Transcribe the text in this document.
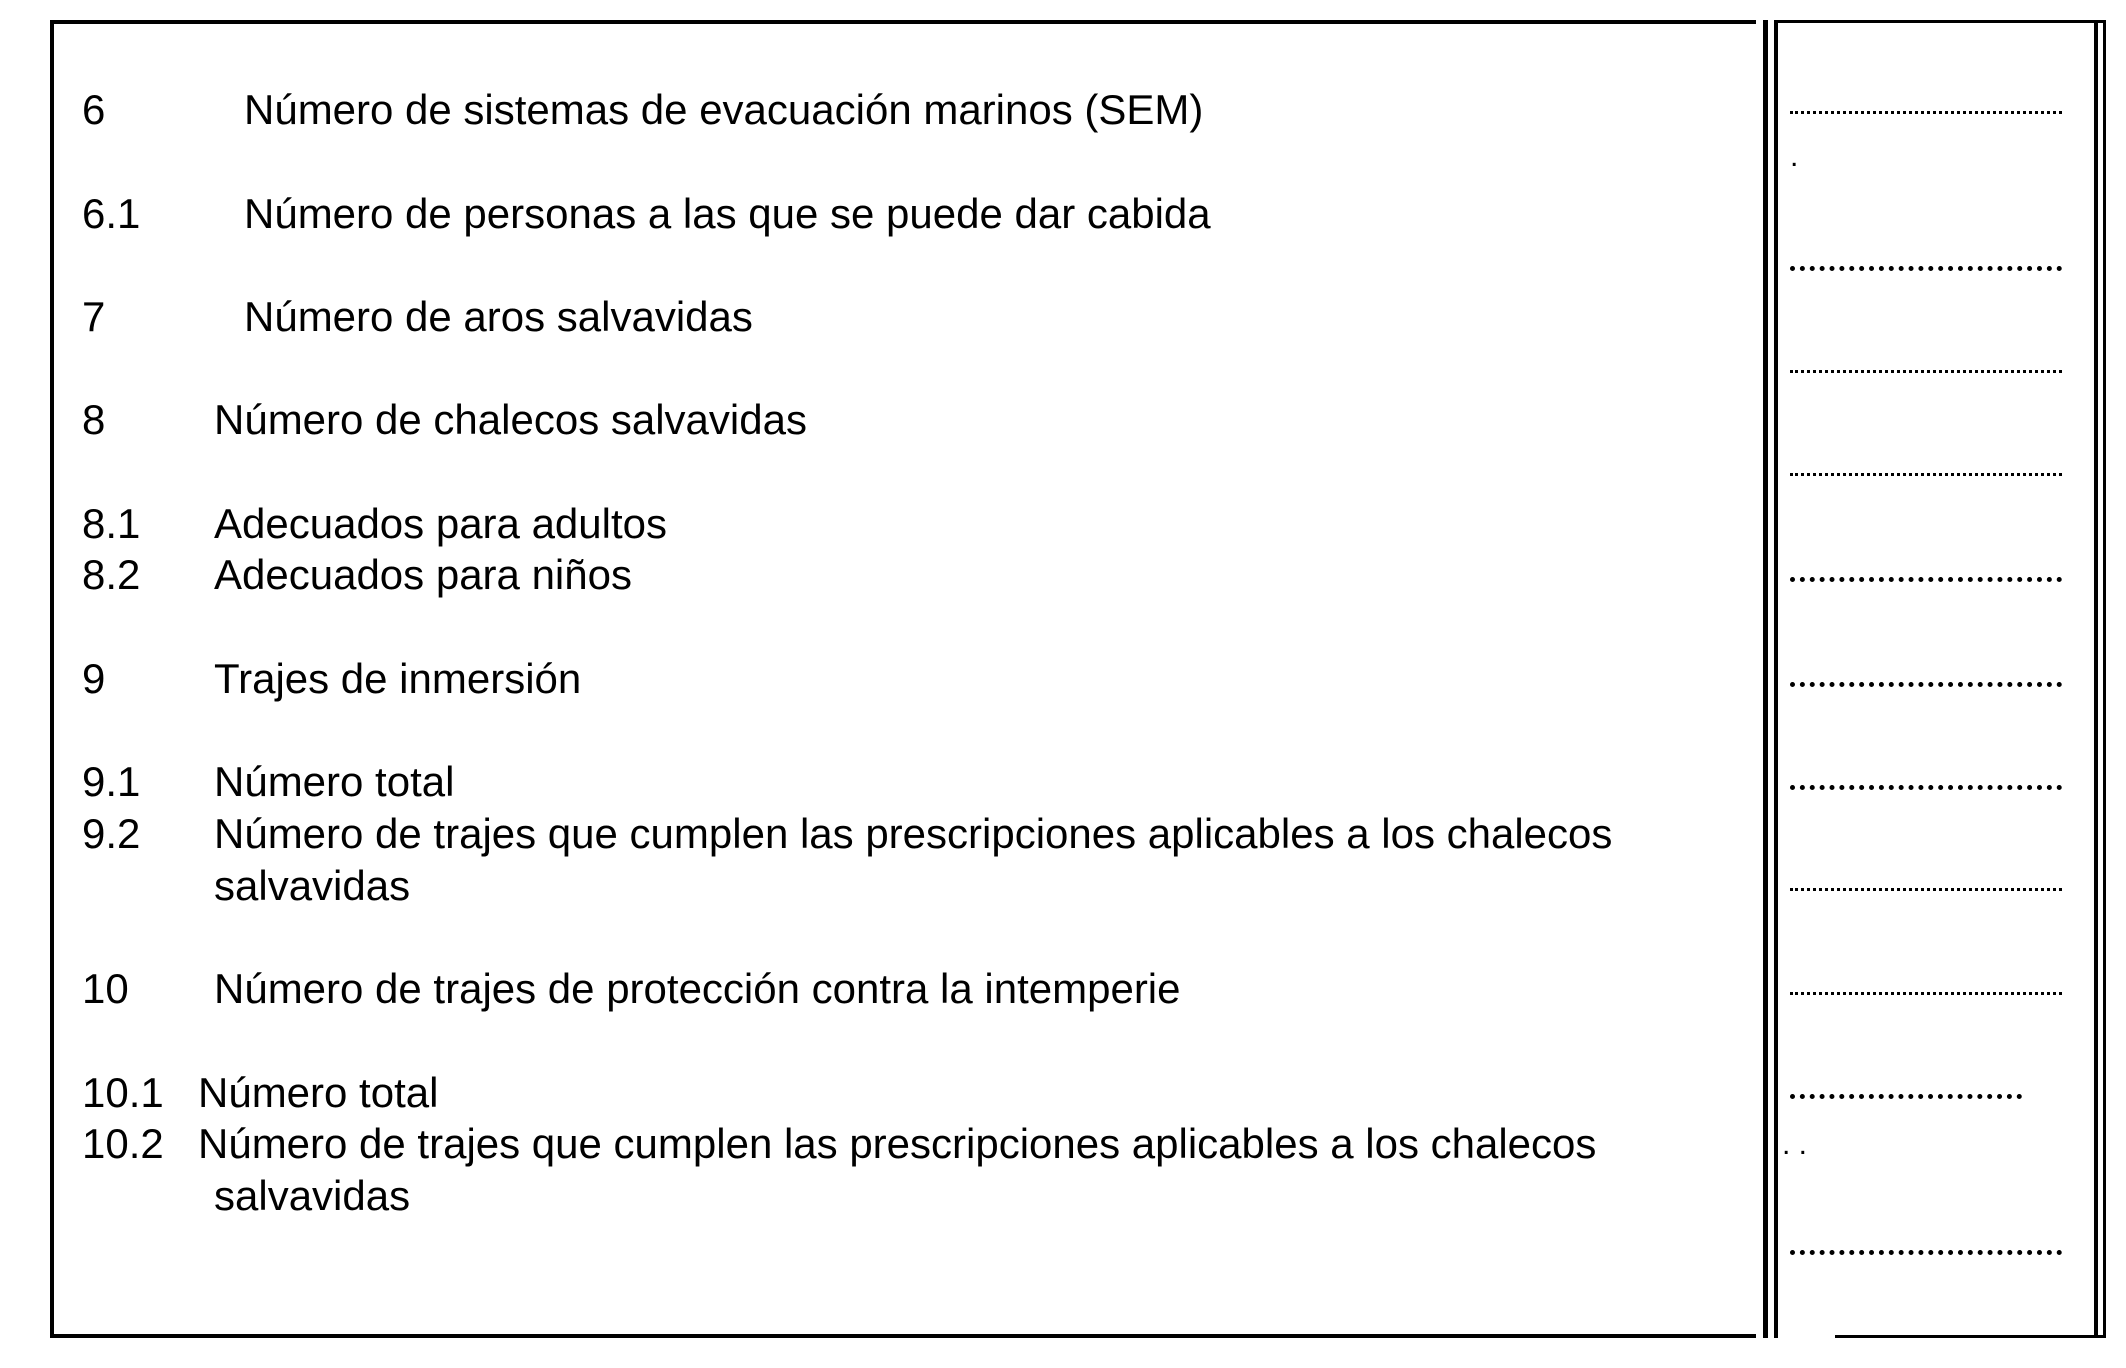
6	Número de sistemas de evacuación marinos (SEM)
6.1 Número de personas a las que se puede dar cabida
7	Número de aros salvavidas
8	Número de chalecos salvavidas
8.1 Adecuados para adultos
8.2 Adecuados para niños
9	Trajes de inmersión
9.1 Número total
9.2 Número de trajes que cumplen las prescripciones aplicables a los chalecos
salvavidas
10 Número de trajes de protección contra la intemperie
10.1 Número total
10.2 Número de trajes que cumplen las prescripciones aplicables a los chalecos
salvavidas
.
. .
